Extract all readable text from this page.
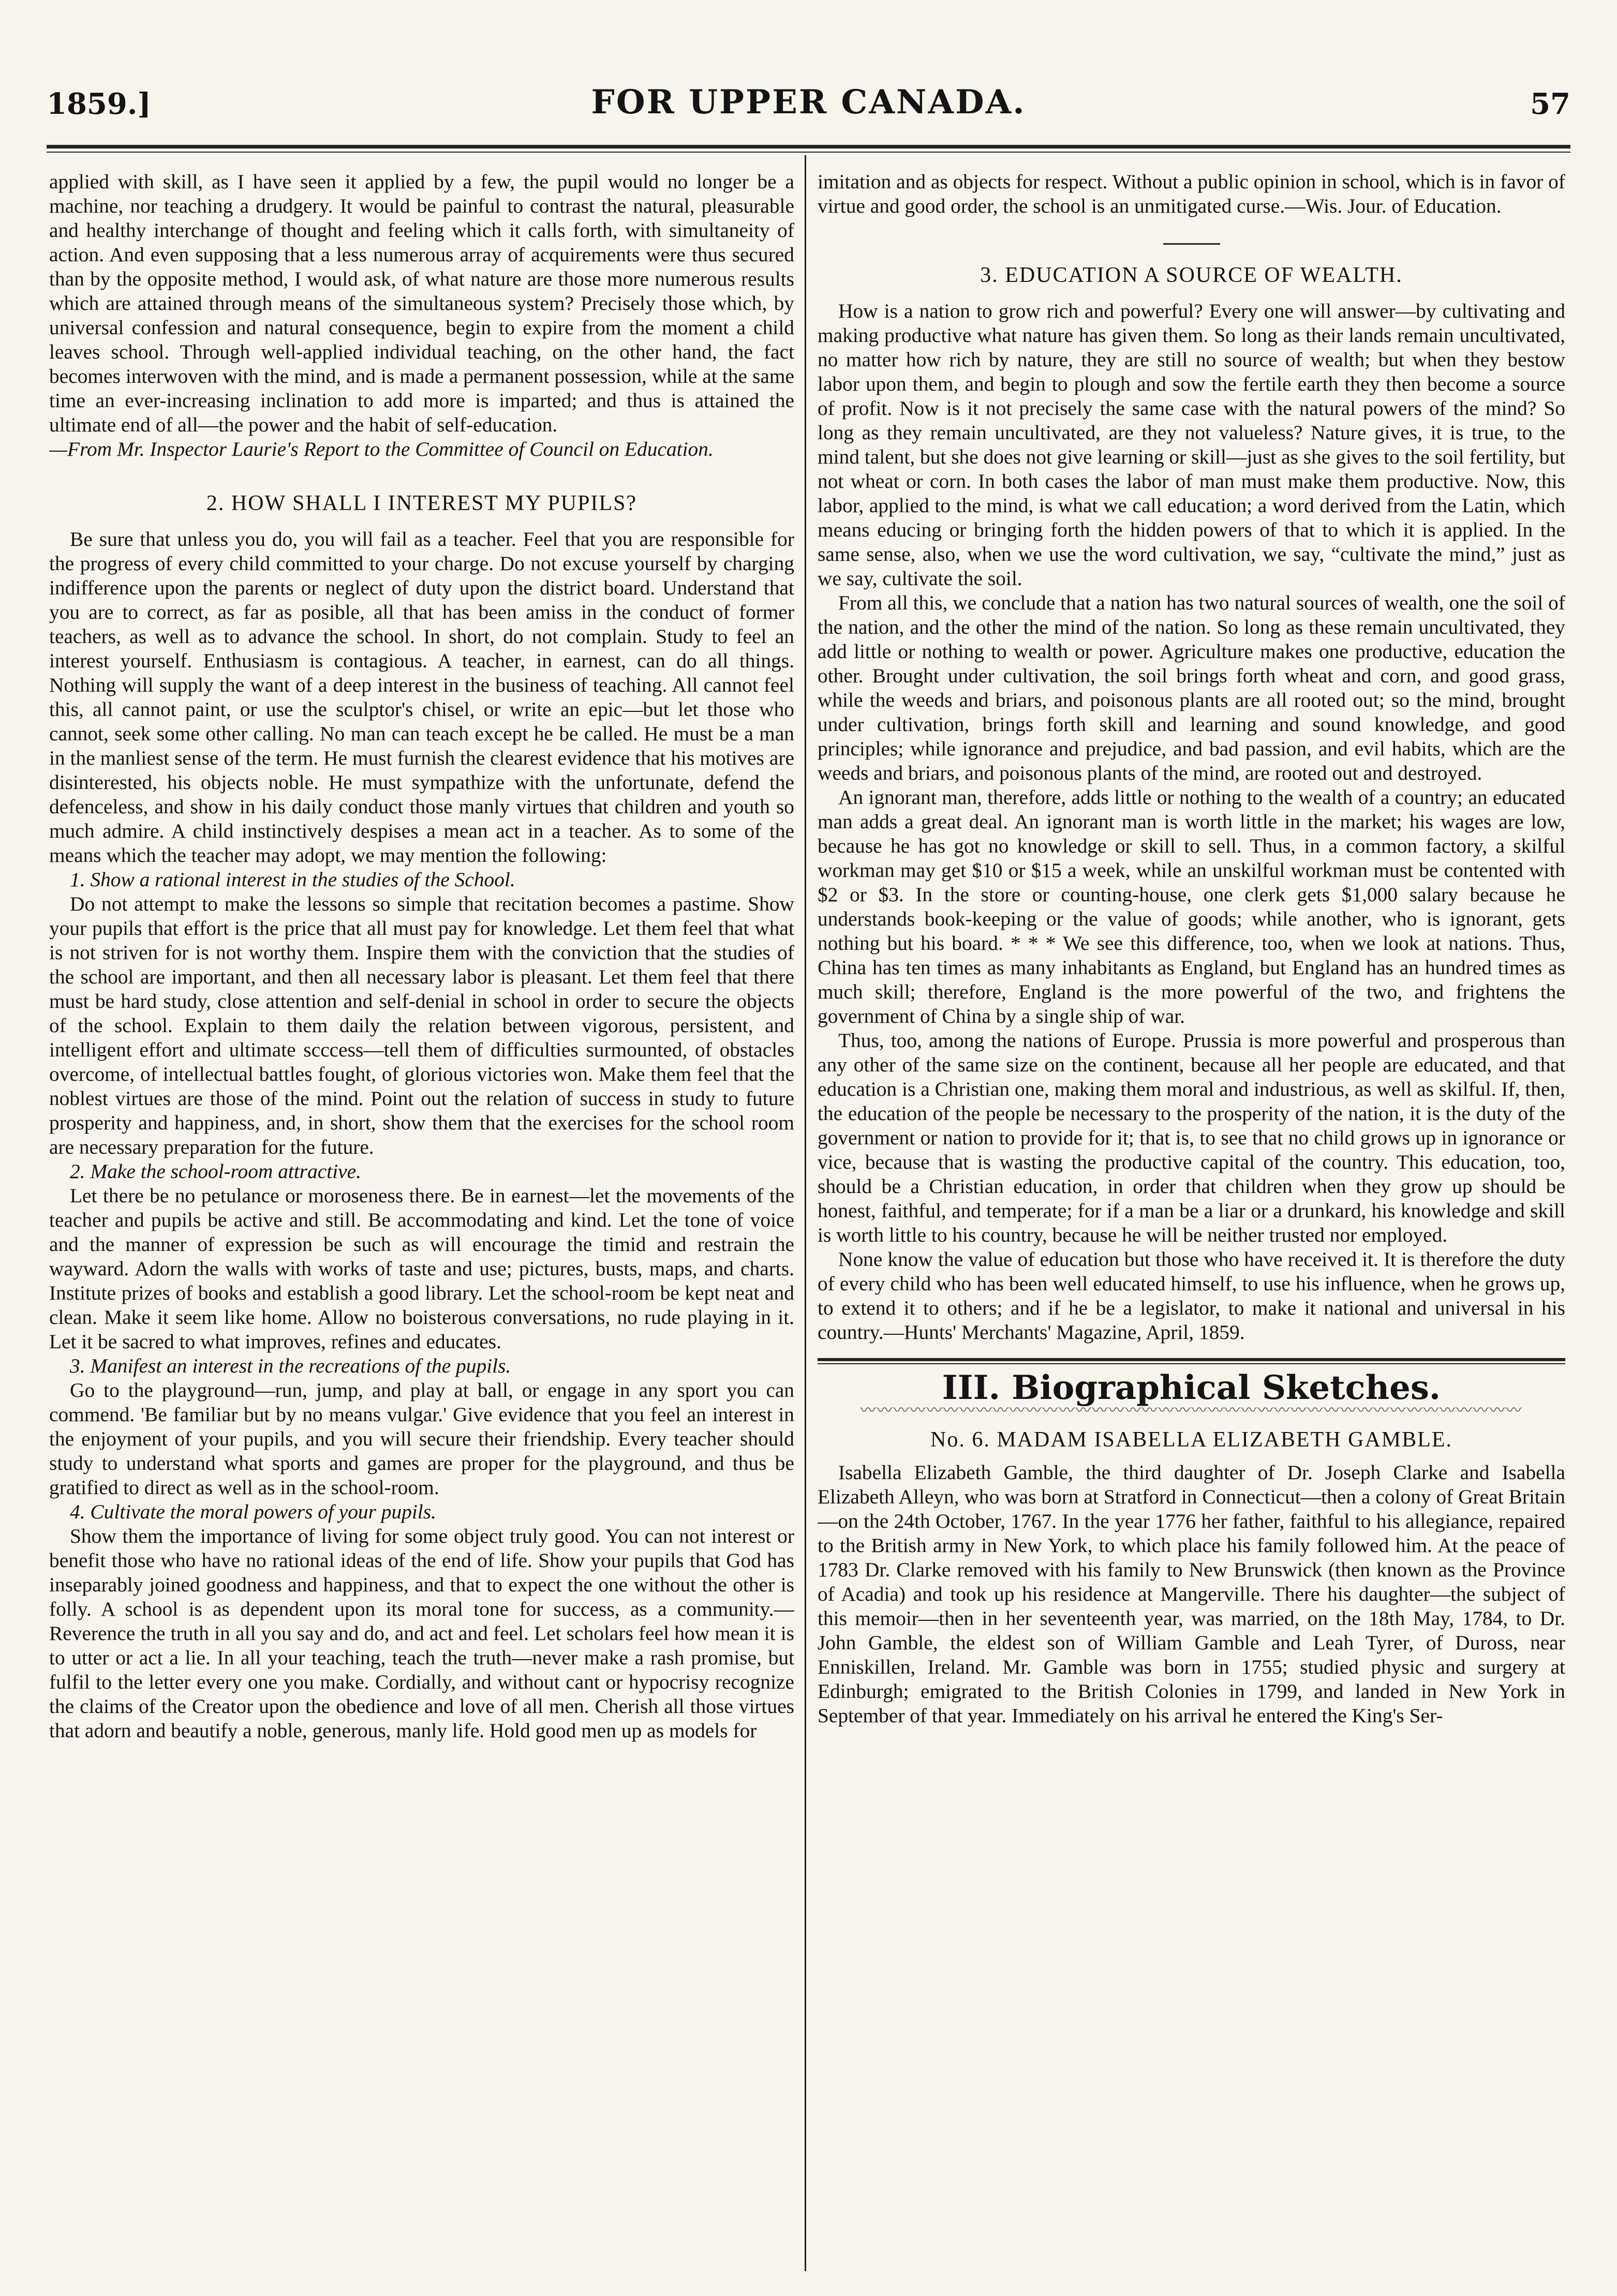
1859.]	FOR UPPER CANADA.	57

applied with skill, as I have seen it applied by a few, the pupil would no longer be a machine, nor teaching a drudgery. It would be painful to contrast the natural, pleasurable and healthy interchange of thought and feeling which it calls forth, with simultaneity of action. And even supposing that a less numerous array of acquirements were thus secured than by the opposite method, I would ask, of what nature are those more numerous results which are attained through means of the simultaneous system? Precisely those which, by universal confession and natural consequence, begin to expire from the moment a child leaves school. Through well-applied individual teaching, on the other hand, the fact becomes interwoven with the mind, and is made a permanent possession, while at the same time an ever-increasing inclination to add more is imparted; and thus is attained the ultimate end of all—the power and the habit of self-education.

—From Mr. Inspector Laurie's Report to the Committee of Council on Education.

2. HOW SHALL I INTEREST MY PUPILS?

Be sure that unless you do, you will fail as a teacher. Feel that you are responsible for the progress of every child committed to your charge. Do not excuse yourself by charging indifference upon the parents or neglect of duty upon the district board. Understand that you are to correct, as far as posible, all that has been amiss in the conduct of former teachers, as well as to advance the school. In short, do not complain. Study to feel an interest yourself. Enthusiasm is contagious. A teacher, in earnest, can do all things. Nothing will supply the want of a deep interest in the business of teaching. All cannot feel this, all cannot paint, or use the sculptor's chisel, or write an epic—but let those who cannot, seek some other calling. No man can teach except he be called. He must be a man in the manliest sense of the term. He must furnish the clearest evidence that his motives are disinterested, his objects noble. He must sympathize with the unfortunate, defend the defenceless, and show in his daily conduct those manly virtues that children and youth so much admire. A child instinctively despises a mean act in a teacher. As to some of the means which the teacher may adopt, we may mention the following:

1. Show a rational interest in the studies of the School.

Do not attempt to make the lessons so simple that recitation becomes a pastime. Show your pupils that effort is the price that all must pay for knowledge. Let them feel that what is not striven for is not worthy them. Inspire them with the conviction that the studies of the school are important, and then all necessary labor is pleasant. Let them feel that there must be hard study, close attention and self-denial in school in order to secure the objects of the school. Explain to them daily the relation between vigorous, persistent, and intelligent effort and ultimate scccess—tell them of difficulties surmounted, of obstacles overcome, of intellectual battles fought, of glorious victories won. Make them feel that the noblest virtues are those of the mind. Point out the relation of success in study to future prosperity and happiness, and, in short, show them that the exercises for the school room are necessary preparation for the future.

2. Make the school-room attractive.

Let there be no petulance or moroseness there. Be in earnest—let the movements of the teacher and pupils be active and still. Be accommodating and kind. Let the tone of voice and the manner of expression be such as will encourage the timid and restrain the wayward. Adorn the walls with works of taste and use; pictures, busts, maps, and charts. Institute prizes of books and establish a good library. Let the school-room be kept neat and clean. Make it seem like home. Allow no boisterous conversations, no rude playing in it. Let it be sacred to what improves, refines and educates.

3. Manifest an interest in the recreations of the pupils.

Go to the playground—run, jump, and play at ball, or engage in any sport you can commend. 'Be familiar but by no means vulgar.' Give evidence that you feel an interest in the enjoyment of your pupils, and you will secure their friendship. Every teacher should study to understand what sports and games are proper for the playground, and thus be gratified to direct as well as in the school-room.

4. Cultivate the moral powers of your pupils.

Show them the importance of living for some object truly good. You can not interest or benefit those who have no rational ideas of the end of life. Show your pupils that God has inseparably joined goodness and happiness, and that to expect the one without the other is folly. A school is as dependent upon its moral tone for success, as a community.—Reverence the truth in all you say and do, and act and feel. Let scholars feel how mean it is to utter or act a lie. In all your teaching, teach the truth—never make a rash promise, but fulfil to the letter every one you make. Cordially, and without cant or hypocrisy recognize the claims of the Creator upon the obedience and love of all men. Cherish all those virtues that adorn and beautify a noble, generous, manly life. Hold good men up as models for

imitation and as objects for respect. Without a public opinion in school, which is in favor of virtue and good order, the school is an unmitigated curse.—Wis. Jour. of Education.

3. EDUCATION A SOURCE OF WEALTH.

How is a nation to grow rich and powerful? Every one will answer—by cultivating and making productive what nature has given them. So long as their lands remain uncultivated, no matter how rich by nature, they are still no source of wealth; but when they bestow labor upon them, and begin to plough and sow the fertile earth they then become a source of profit. Now is it not precisely the same case with the natural powers of the mind? So long as they remain uncultivated, are they not valueless? Nature gives, it is true, to the mind talent, but she does not give learning or skill—just as she gives to the soil fertility, but not wheat or corn. In both cases the labor of man must make them productive. Now, this labor, applied to the mind, is what we call education; a word derived from the Latin, which means educing or bringing forth the hidden powers of that to which it is applied. In the same sense, also, when we use the word cultivation, we say, “cultivate the mind,” just as we say, cultivate the soil.

From all this, we conclude that a nation has two natural sources of wealth, one the soil of the nation, and the other the mind of the nation. So long as these remain uncultivated, they add little or nothing to wealth or power. Agriculture makes one productive, education the other. Brought under cultivation, the soil brings forth wheat and corn, and good grass, while the weeds and briars, and poisonous plants are all rooted out; so the mind, brought under cultivation, brings forth skill and learning and sound knowledge, and good principles; while ignorance and prejudice, and bad passion, and evil habits, which are the weeds and briars, and poisonous plants of the mind, are rooted out and destroyed.

An ignorant man, therefore, adds little or nothing to the wealth of a country; an educated man adds a great deal. An ignorant man is worth little in the market; his wages are low, because he has got no knowledge or skill to sell. Thus, in a common factory, a skilful workman may get $10 or $15 a week, while an unskilful workman must be contented with $2 or $3. In the store or counting-house, one clerk gets $1,000 salary because he understands book-keeping or the value of goods; while another, who is ignorant, gets nothing but his board. * * * We see this difference, too, when we look at nations. Thus, China has ten times as many inhabitants as England, but England has an hundred times as much skill; therefore, England is the more powerful of the two, and frightens the government of China by a single ship of war.

Thus, too, among the nations of Europe. Prussia is more powerful and prosperous than any other of the same size on the continent, because all her people are educated, and that education is a Christian one, making them moral and industrious, as well as skilful. If, then, the education of the people be necessary to the prosperity of the nation, it is the duty of the government or nation to provide for it; that is, to see that no child grows up in ignorance or vice, because that is wasting the productive capital of the country. This education, too, should be a Christian education, in order that children when they grow up should be honest, faithful, and temperate; for if a man be a liar or a drunkard, his knowledge and skill is worth little to his country, because he will be neither trusted nor employed.

None know the value of education but those who have received it. It is therefore the duty of every child who has been well educated himself, to use his influence, when he grows up, to extend it to others; and if he be a legislator, to make it national and universal in his country.—Hunts' Merchants' Magazine, April, 1859.

III. Biographical Sketches.
〰〰〰〰〰〰〰〰〰〰〰〰〰〰〰〰〰〰〰〰〰〰〰〰〰〰〰〰〰〰〰〰〰〰〰〰〰〰〰〰
No. 6. MADAM ISABELLA ELIZABETH GAMBLE.

Isabella Elizabeth Gamble, the third daughter of Dr. Joseph Clarke and Isabella Elizabeth Alleyn, who was born at Stratford in Connecticut—then a colony of Great Britain—on the 24th October, 1767. In the year 1776 her father, faithful to his allegiance, repaired to the British army in New York, to which place his family followed him. At the peace of 1783 Dr. Clarke removed with his family to New Brunswick (then known as the Province of Acadia) and took up his residence at Mangerville. There his daughter—the subject of this memoir—then in her seventeenth year, was married, on the 18th May, 1784, to Dr. John Gamble, the eldest son of William Gamble and Leah Tyrer, of Duross, near Enniskillen, Ireland. Mr. Gamble was born in 1755; studied physic and surgery at Edinburgh; emigrated to the British Colonies in 1799, and landed in New York in September of that year. Immediately on his arrival he entered the King's Ser-
